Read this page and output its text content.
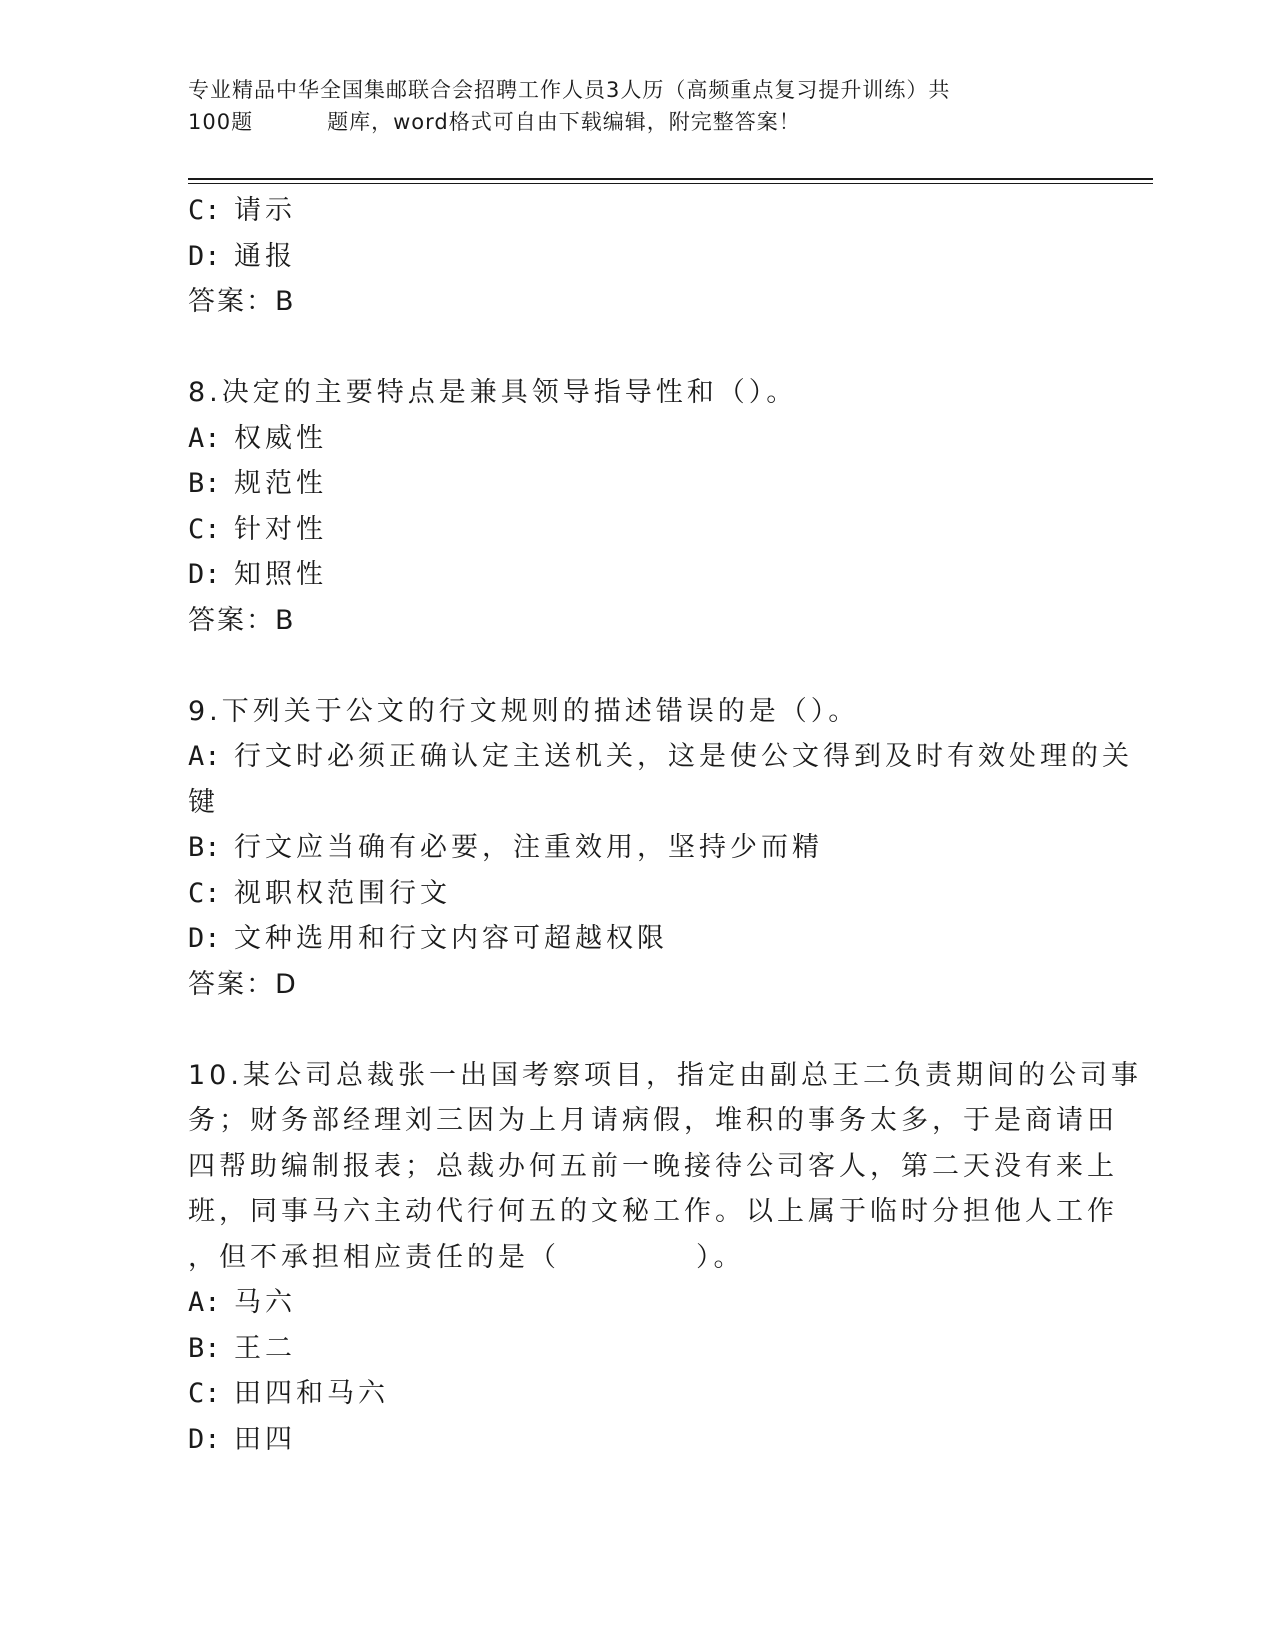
专业精品中华全国集邮联合会招聘工作人员3人历（高频重点复习提升训练）共
100题	题库，word格式可自由下载编辑，附完整答案！
C: 请示
D: 通报
答案：B
8.决定的主要特点是兼具领导指导性和（）。
A: 权威性
B: 规范性
C: 针对性
D: 知照性
答案：B
9.下列关于公文的行文规则的描述错误的是（）。
A: 行文时必须正确认定主送机关，这是使公文得到及时有效处理的关
键
B: 行文应当确有必要，注重效用，坚持少而精
C: 视职权范围行文
D: 文种选用和行文内容可超越权限
答案：D
10.某公司总裁张一出国考察项目，指定由副总王二负责期间的公司事
务；财务部经理刘三因为上月请病假，堆积的事务太多，于是商请田
四帮助编制报表；总裁办何五前一晚接待公司客人，第二天没有来上
班，同事马六主动代行何五的文秘工作。以上属于临时分担他人工作
，但不承担相应责任的是（	）。
A: 马六
B: 王二
C: 田四和马六
D: 田四
